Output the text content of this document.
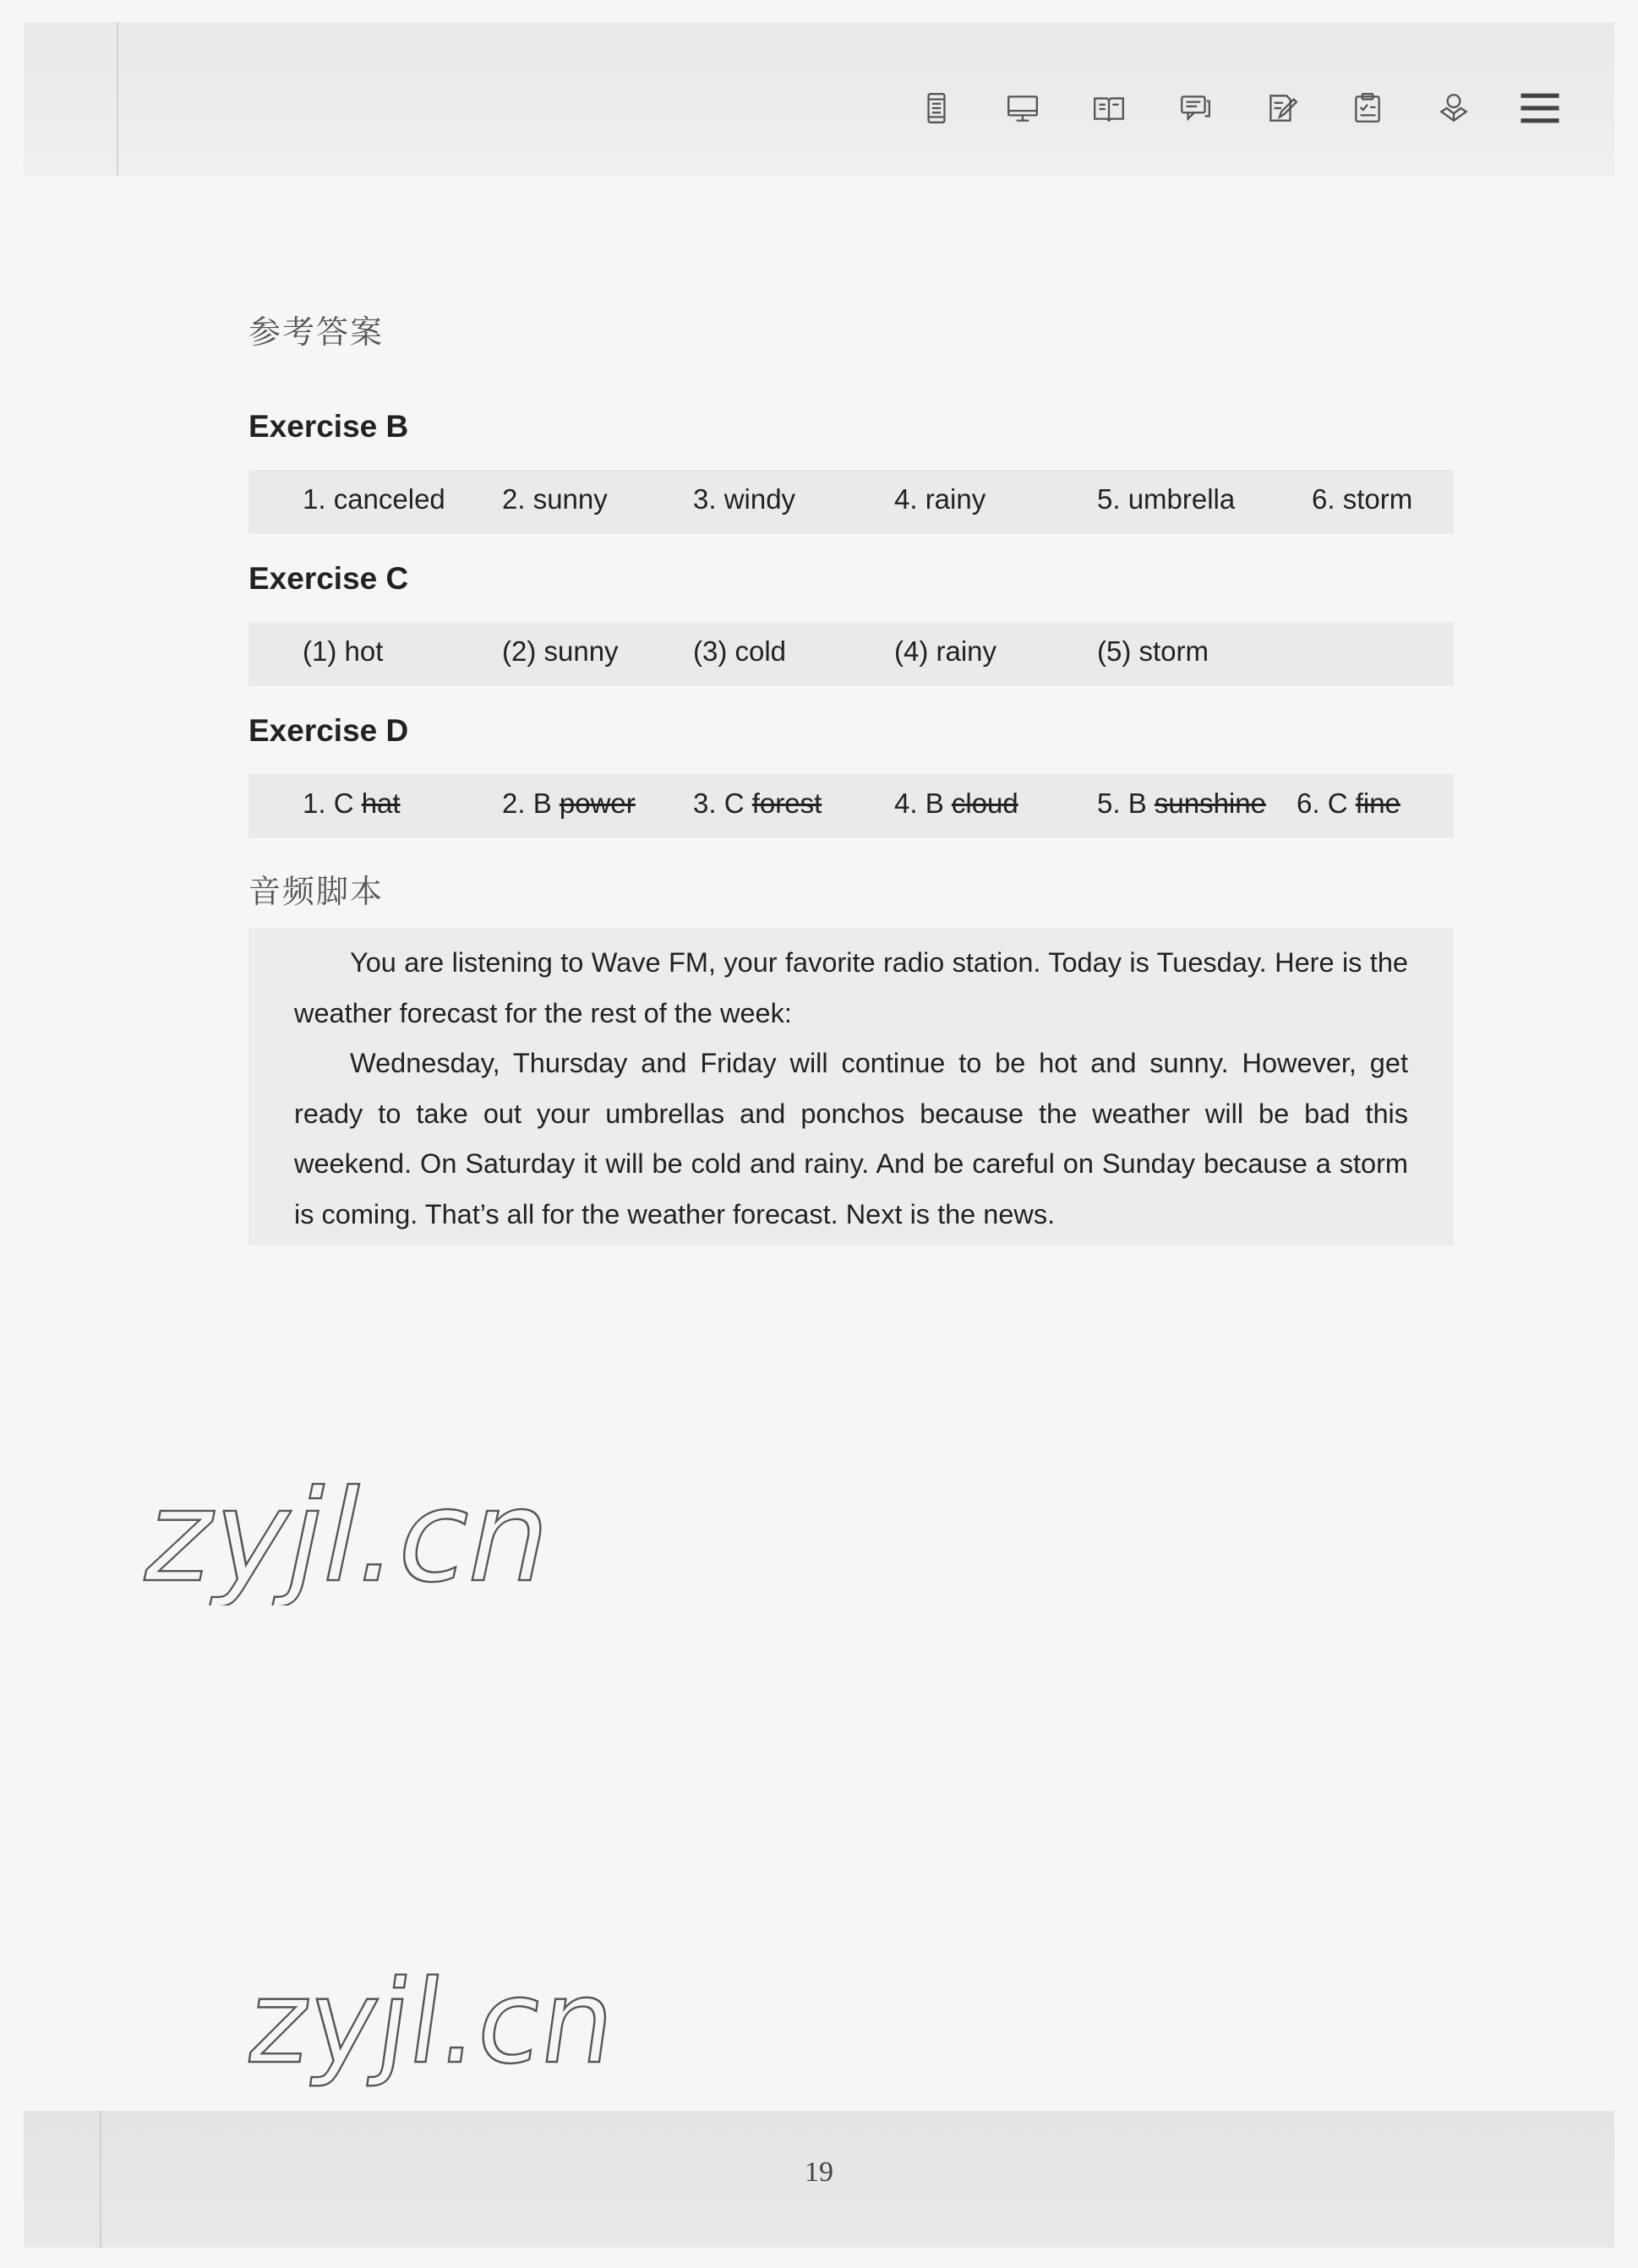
参考答案
Exercise B
1. canceled 2. sunny	3. windy	4. rainy	5. umbrella	6. storm
Exercise C
(1) hot	(2) sunny	(3) cold	(4) rainy	(5) storm
Exercise D
1. C hat	2. B power 3. C forest	4. B cloud	5. B sunshine 6. C fine
音频脚本

You are listening to Wave FM, your favorite radio station. Today is Tuesday. Here is the weather forecast for the rest of the week:

Wednesday, Thursday and Friday will continue to be hot and sunny. However, get ready to take out your umbrellas and ponchos because the weather will be bad this weekend. On Saturday it will be cold and rainy. And be careful on Sunday because a storm is coming. That’s all for the weather forecast. Next is the news.

zyjl.cn
zyjl.cn
19
